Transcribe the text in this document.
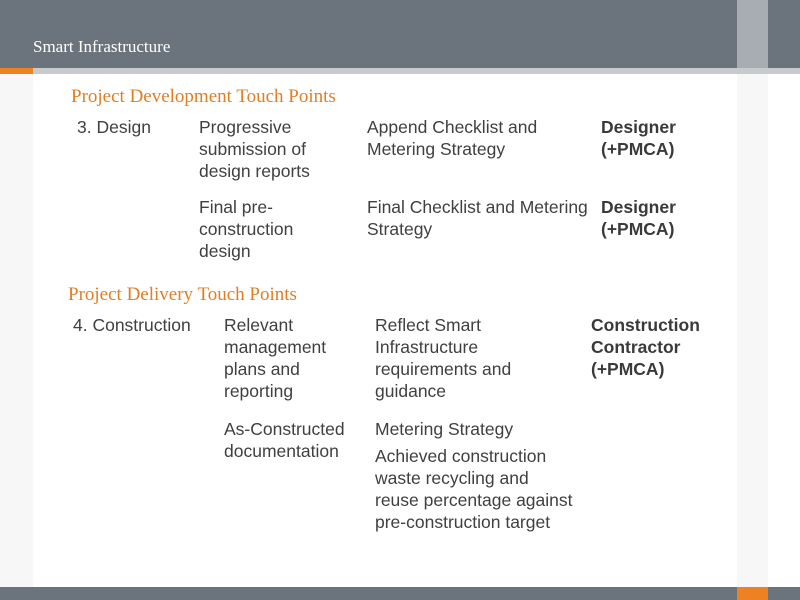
Smart Infrastructure
Project Development Touch Points
3. Design	Progressive submission of design reports
Append Checklist and Metering Strategy
Designer (+PMCA)
Final pre-construction design
Final Checklist and Metering Strategy
Designer (+PMCA)
Project Delivery Touch Points
4. Construction	Relevant management plans and reporting
Reflect Smart Infrastructure requirements and guidance
Construction Contractor (+PMCA)
As-Constructed documentation
Metering Strategy
Achieved construction waste recycling and reuse percentage against pre-construction target
